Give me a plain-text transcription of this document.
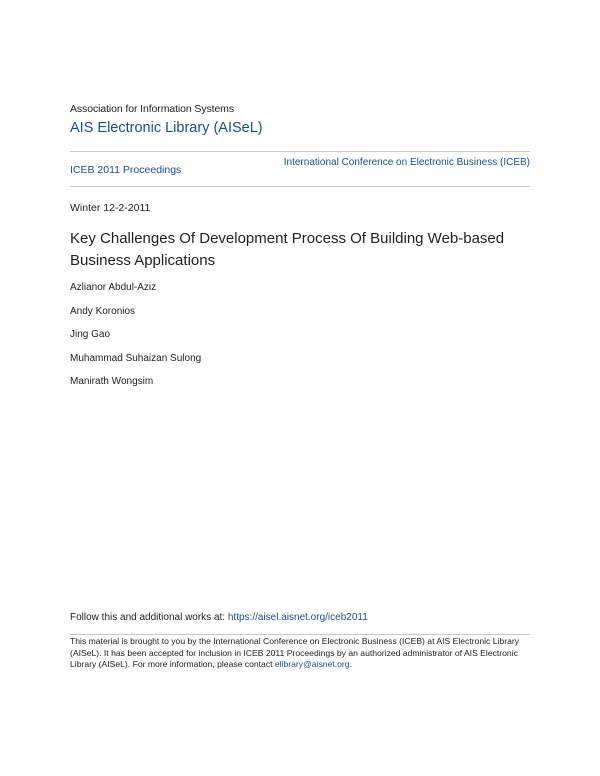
Association for Information Systems
AIS Electronic Library (AISeL)
ICEB 2011 Proceedings
International Conference on Electronic Business (ICEB)
Winter 12-2-2011
Key Challenges Of Development Process Of Building Web-based Business Applications
Azlianor Abdul-Aziz
Andy Koronios
Jing Gao
Muhammad Suhaizan Sulong
Manirath Wongsim
Follow this and additional works at: https://aisel.aisnet.org/iceb2011
This material is brought to you by the International Conference on Electronic Business (ICEB) at AIS Electronic Library (AISeL). It has been accepted for inclusion in ICEB 2011 Proceedings by an authorized administrator of AIS Electronic Library (AISeL). For more information, please contact elibrary@aisnet.org.
